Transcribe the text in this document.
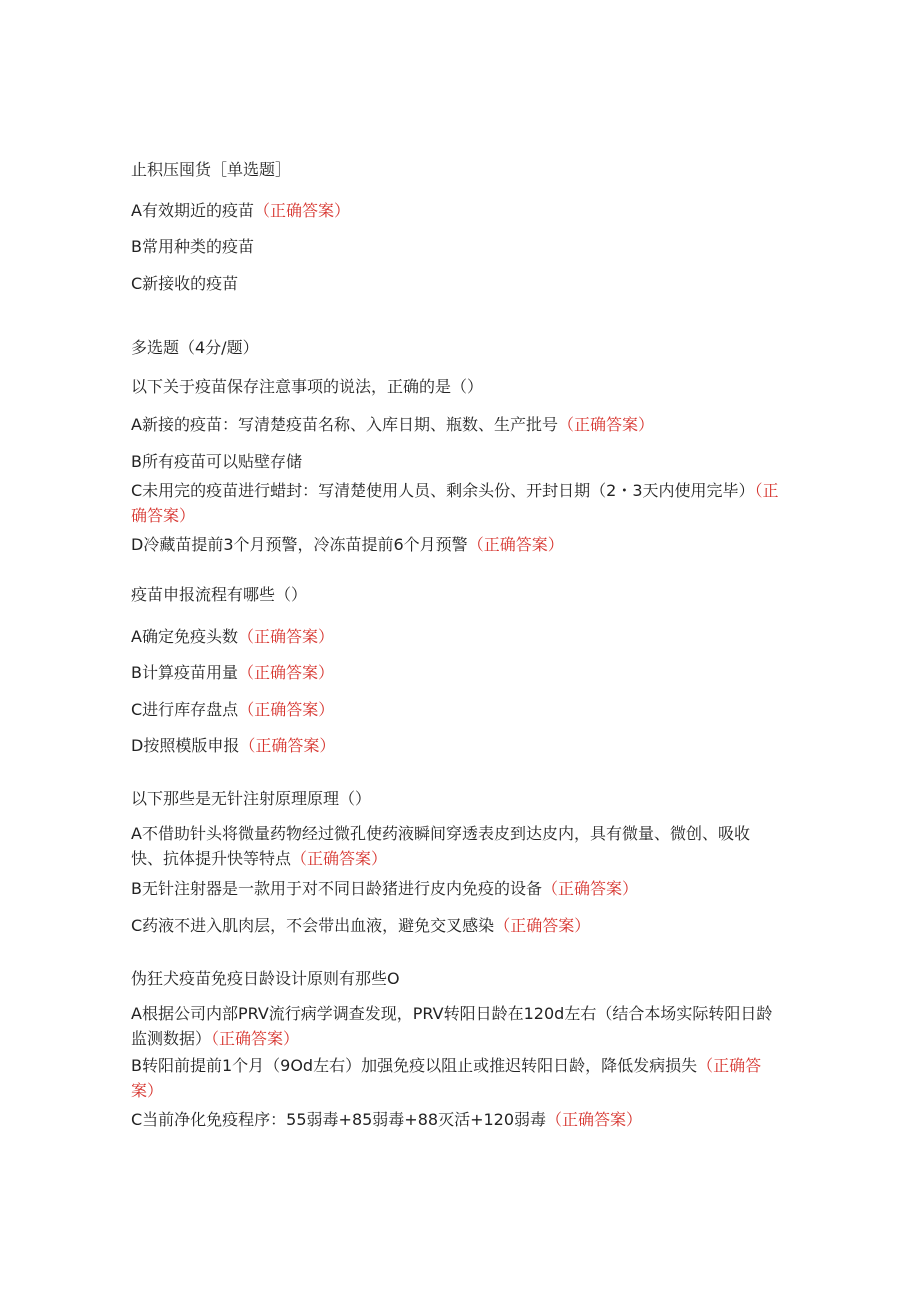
止积压囤货［单选题］
A有效期近的疫苗（正确答案）
B常用种类的疫苗
C新接收的疫苗
多选题（4分/题）
以下关于疫苗保存注意事项的说法，正确的是（）
A新接的疫苗：写清楚疫苗名称、入库日期、瓶数、生产批号（正确答案）
B所有疫苗可以贴壁存储
C未用完的疫苗进行蜡封：写清楚使用人员、剩余头份、开封日期（2・3天内使用完毕）（正确答案）
D冷藏苗提前3个月预警，冷冻苗提前6个月预警（正确答案）
疫苗申报流程有哪些（）
A确定免疫头数（正确答案）
B计算疫苗用量（正确答案）
C进行库存盘点（正确答案）
D按照模版申报（正确答案）
以下那些是无针注射原理原理（）
A不借助针头将微量药物经过微孔使药液瞬间穿透表皮到达皮内，具有微量、微创、吸收快、抗体提升快等特点（正确答案）
B无针注射器是一款用于对不同日龄猪进行皮内免疫的设备（正确答案）
C药液不进入肌肉层，不会带出血液，避免交叉感染（正确答案）
伪狂犬疫苗免疫日龄设计原则有那些O
A根据公司内部PRV流行病学调查发现，PRV转阳日龄在120d左右（结合本场实际转阳日龄监测数据）（正确答案）
B转阳前提前1个月（9Od左右）加强免疫以阻止或推迟转阳日龄，降低发病损失（正确答案）
C当前净化免疫程序：55弱毒+85弱毒+88灭活+120弱毒（正确答案）
